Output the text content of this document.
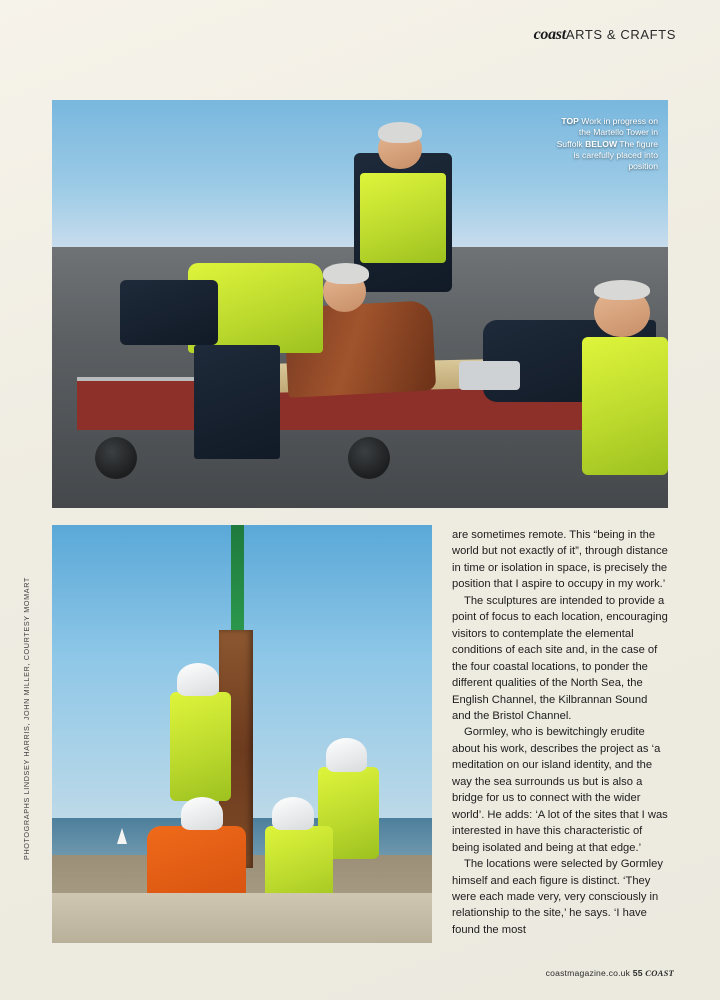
coastARTS & CRAFTS
PHOTOGRAPHS LINDSEY HARRIS, JOHN MILLER, COURTESY MOMART
TOP Work in progress on the Martello Tower in Suffolk BELOW The figure is carefully placed into position

are sometimes remote. This “being in the world but not exactly of it”, through distance in time or isolation in space, is precisely the position that I aspire to occupy in my work.’

The sculptures are intended to provide a point of focus to each location, encouraging visitors to contemplate the elemental conditions of each site and, in the case of the four coastal locations, to ponder the different qualities of the North Sea, the English Channel, the Kilbrannan Sound and the Bristol Channel.

Gormley, who is bewitchingly erudite about his work, describes the project as ‘a meditation on our island identity, and the way the sea surrounds us but is also a bridge for us to connect with the wider world’. He adds: ‘A lot of the sites that I was interested in have this characteristic of being isolated and being at that edge.’

The locations were selected by Gormley himself and each figure is distinct. ‘They were each made very, very consciously in relationship to the site,’ he says. ‘I have found the most

coastmagazine.co.uk 55 COAST
